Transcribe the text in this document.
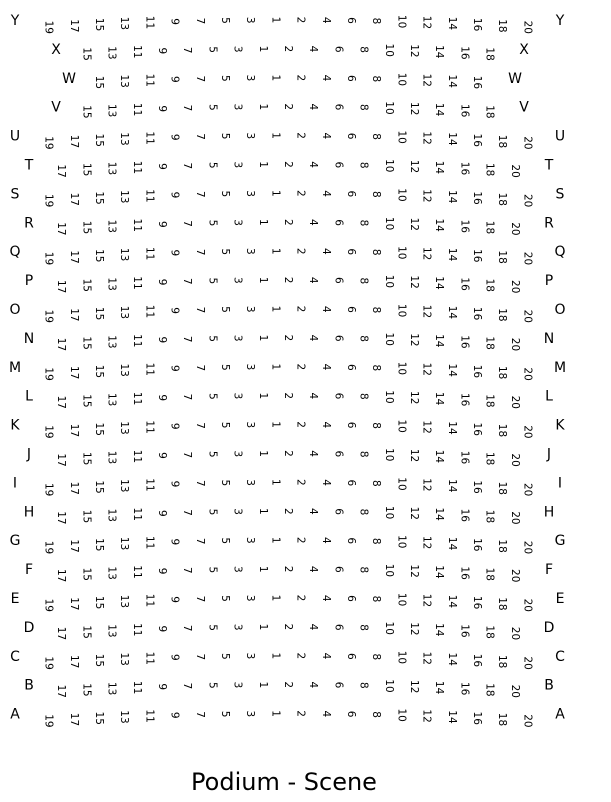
Y	Y
19 17 15 13 11 9 7 5 3 1 2 4 6 8 10 12 14 16 18 20
X	X
15 13 11 9 7 5 3 1 2 4 6 8 10 12 14 16 18
W	W
15 13 11 9 7 5 3 1 2 4 6 8 10 12 14 16
V	V
15 13 11 9 7 5 3 1 2 4 6 8 10 12 14 16 18
U	U
19 17 15 13 11 9 7 5 3 1 2 4 6 8 10 12 14 16 18 20
T	T
17 15 13 11 9 7 5 3 1 2 4 6 8 10 12 14 16 18 20
S	S
19 17 15 13 11 9 7 5 3 1 2 4 6 8 10 12 14 16 18 20
R	R
17 15 13 11 9 7 5 3 1 2 4 6 8 10 12 14 16 18 20
Q	Q
19 17 15 13 11 9 7 5 3 1 2 4 6 8 10 12 14 16 18 20
P	P
17 15 13 11 9 7 5 3 1 2 4 6 8 10 12 14 16 18 20
O	O
19 17 15 13 11 9 7 5 3 1 2 4 6 8 10 12 14 16 18 20
N	N
17 15 13 11 9 7 5 3 1 2 4 6 8 10 12 14 16 18 20
M	M
19 17 15 13 11 9 7 5 3 1 2 4 6 8 10 12 14 16 18 20
L	L
17 15 13 11 9 7 5 3 1 2 4 6 8 10 12 14 16 18 20
K	K
19 17 15 13 11 9 7 5 3 1 2 4 6 8 10 12 14 16 18 20
J	J
17 15 13 11 9 7 5 3 1 2 4 6 8 10 12 14 16 18 20
I	I
19 17 15 13 11 9 7 5 3 1 2 4 6 8 10 12 14 16 18 20
H	H
17 15 13 11 9 7 5 3 1 2 4 6 8 10 12 14 16 18 20
G	G
19 17 15 13 11 9 7 5 3 1 2 4 6 8 10 12 14 16 18 20
F	F
17 15 13 11 9 7 5 3 1 2 4 6 8 10 12 14 16 18 20
E	E
19 17 15 13 11 9 7 5 3 1 2 4 6 8 10 12 14 16 18 20
D	D
17 15 13 11 9 7 5 3 1 2 4 6 8 10 12 14 16 18 20
C	C
19 17 15 13 11 9 7 5 3 1 2 4 6 8 10 12 14 16 18 20
B	B
17 15 13 11 9 7 5 3 1 2 4 6 8 10 12 14 16 18 20
A	A
19 17 15 13 11 9 7 5 3 1 2 4 6 8 10 12 14 16 18 20
Podium - Scene
